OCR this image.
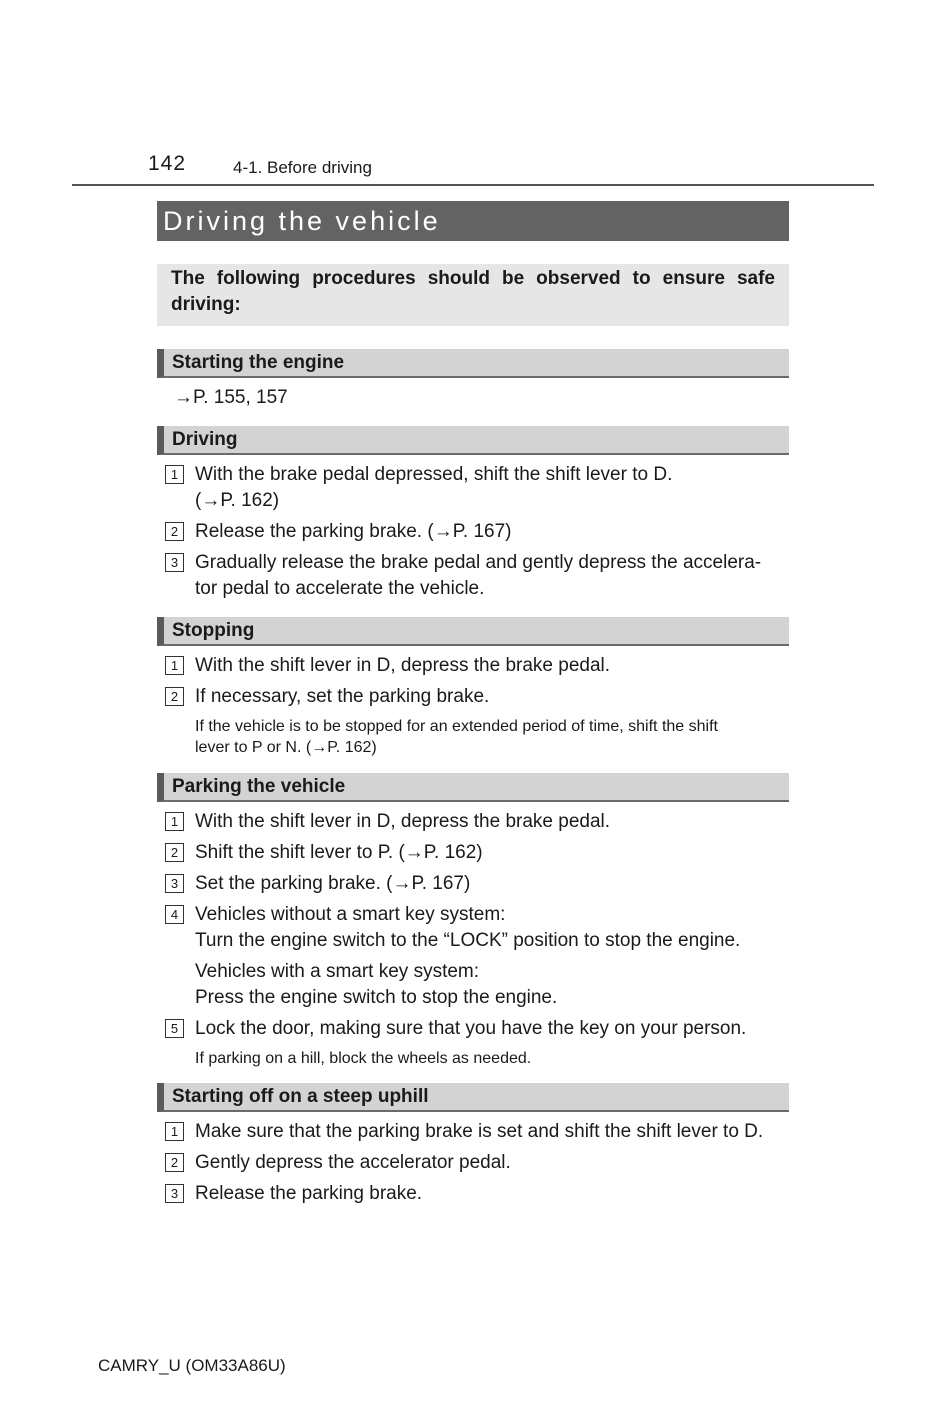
142	4-1. Before driving
Driving the vehicle
The following procedures should be observed to ensure safe driving:
Starting the engine
→P. 155, 157
Driving
1 With the brake pedal depressed, shift the shift lever to D.
(→P. 162)
2 Release the parking brake. (→P. 167)
3 Gradually release the brake pedal and gently depress the accelera-
tor pedal to accelerate the vehicle.
Stopping
1 With the shift lever in D, depress the brake pedal.
2 If necessary, set the parking brake.
If the vehicle is to be stopped for an extended period of time, shift the shift
lever to P or N. (→P. 162)
Parking the vehicle
1 With the shift lever in D, depress the brake pedal.
2 Shift the shift lever to P. (→P. 162)
3 Set the parking brake. (→P. 167)
4 Vehicles without a smart key system:
Turn the engine switch to the “LOCK” position to stop the engine.
Vehicles with a smart key system:
Press the engine switch to stop the engine.
5 Lock the door, making sure that you have the key on your person.
If parking on a hill, block the wheels as needed.
Starting off on a steep uphill
1 Make sure that the parking brake is set and shift the shift lever to D.
2 Gently depress the accelerator pedal.
3 Release the parking brake.
CAMRY_U (OM33A86U)
